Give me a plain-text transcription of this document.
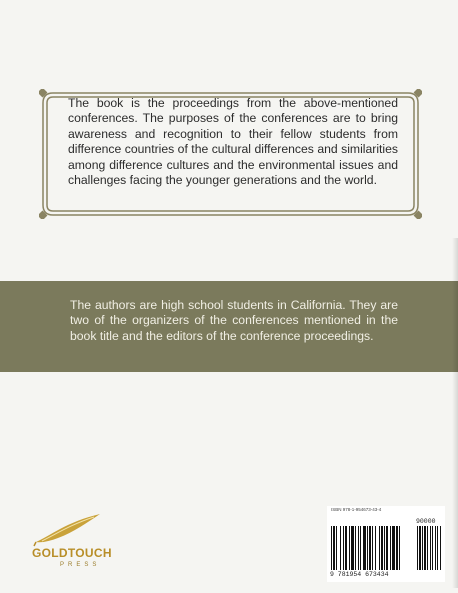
The book is the proceedings from the above-mentioned conferences. The purposes of the conferences are to bring awareness and recognition to their fellow students from difference countries of the cultural differences and similarities among difference cultures and the environmental issues and challenges facing the younger generations and the world.

The authors are high school students in California. They are two of the organizers of the conferences mentioned in the book title and the editors of the conference proceedings.

GOLDTOUCH
PRESS
ISBN 978-1-954673-43-4
90000
9 781954 673434
